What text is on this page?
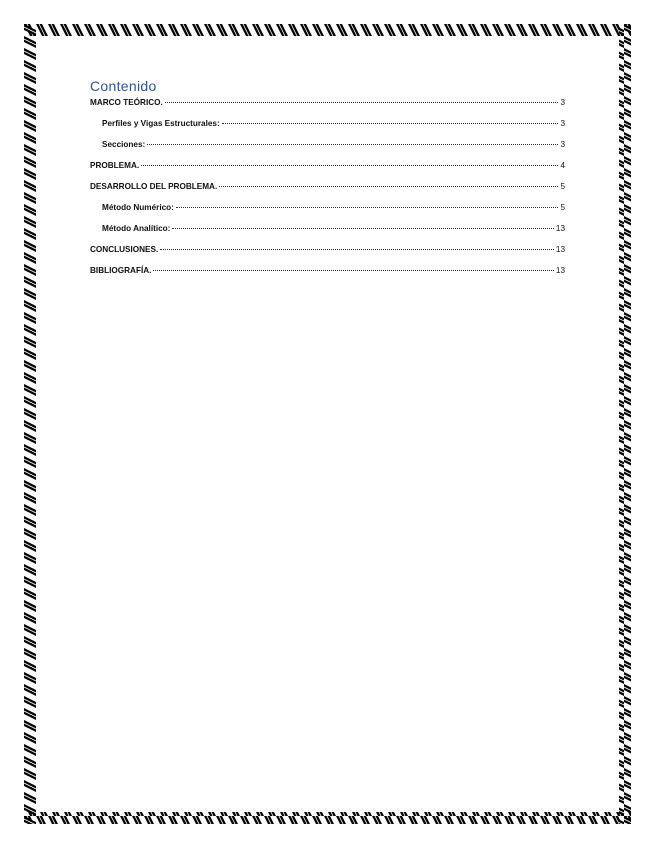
Contenido
MARCO TEÓRICO.	3
Perfiles y Vigas Estructurales:	3
Secciones:	3
PROBLEMA.	4
DESARROLLO DEL PROBLEMA.	5
Método Numérico:	5
Método Analítico:	13
CONCLUSIONES.	13
BIBLIOGRAFÍA.	13
